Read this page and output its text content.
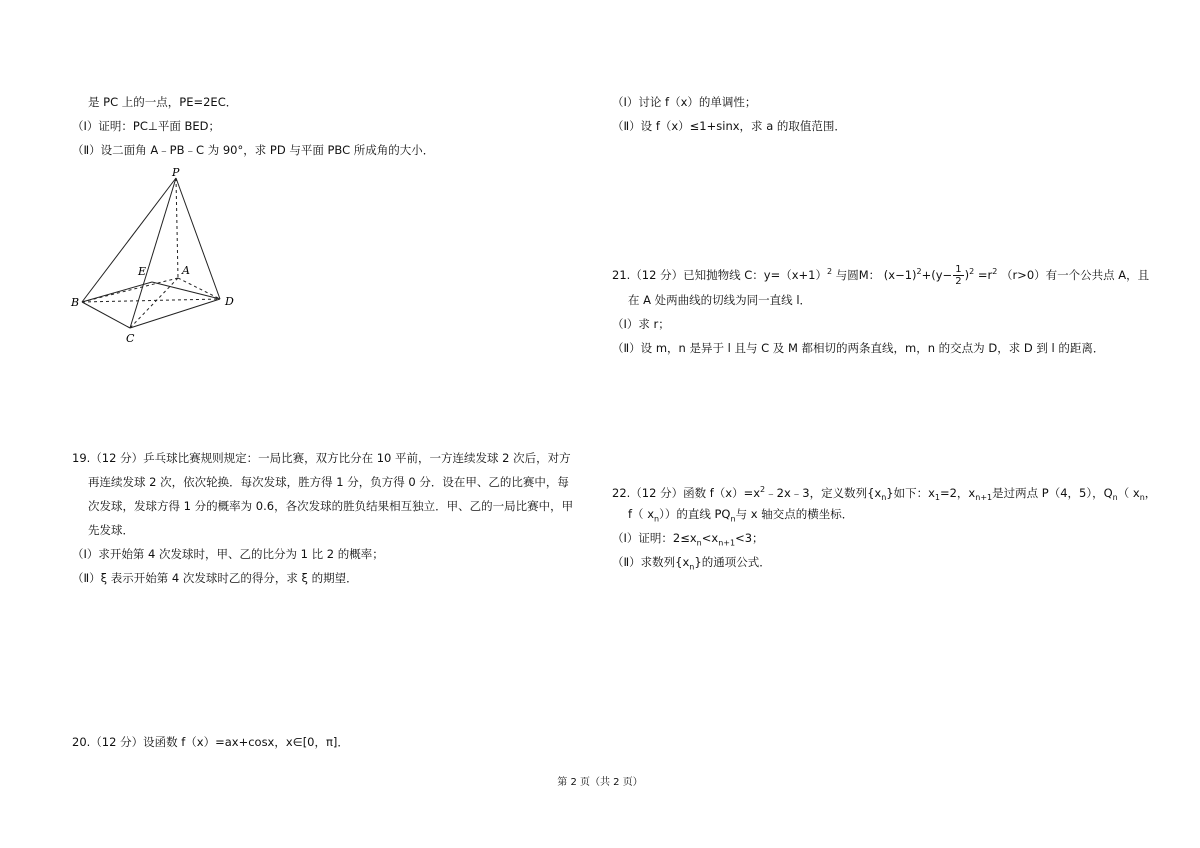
是 PC 上的一点，PE=2EC．
（Ⅰ）证明：PC⊥平面 BED；
（Ⅱ）设二面角 A﹣PB﹣C 为 90°，求 PD 与平面 PBC 所成角的大小．
P
E	A
B	D
C
19.（12 分）乒乓球比赛规则规定：一局比赛，双方比分在 10 平前，一方连续发球 2 次后，对方
再连续发球 2 次，依次轮换．每次发球，胜方得 1 分，负方得 0 分．设在甲、乙的比赛中，每
次发球，发球方得 1 分的概率为 0.6，各次发球的胜负结果相互独立．甲、乙的一局比赛中，甲
先发球．
（Ⅰ）求开始第 4 次发球时，甲、乙的比分为 1 比 2 的概率；
（Ⅱ）ξ 表示开始第 4 次发球时乙的得分，求 ξ 的期望．
20.（12 分）设函数 f（x）=ax+cosx，x∈[0，π]．
（Ⅰ）讨论 f（x）的单调性；
（Ⅱ）设 f（x）≤1+sinx，求 a 的取值范围．
21.（12 分）已知抛物线 C：$y=(x+1)^2$ 与圆M： $(x-1)^2+(y- \frac{1}{2} )^2 =r^2$ （r>0）有一个公共点 A，且
在 A 处两曲线的切线为同一直线 l．
（Ⅰ）求 r；
（Ⅱ）设 m，n 是异于 l 且与 C 及 M 都相切的两条直线，m，n 的交点为 D，求 D 到 l 的距离．
22.（12 分）函数 $f(x)=x^2﹣2x﹣3$，定义数列$\{x_n\}$如下：$x_1=2$，$x_{n+1}$是过两点 P（4，5），$Q_n$（ $x_n$，
f（ $x_n$））的直线 $PQ_n$与 x 轴交点的横坐标．
（Ⅰ）证明：$2\le x_n<x_{n+1}<3$；
（Ⅱ）求数列$\{x_n\}$的通项公式．
第 2 页（共 2 页）
